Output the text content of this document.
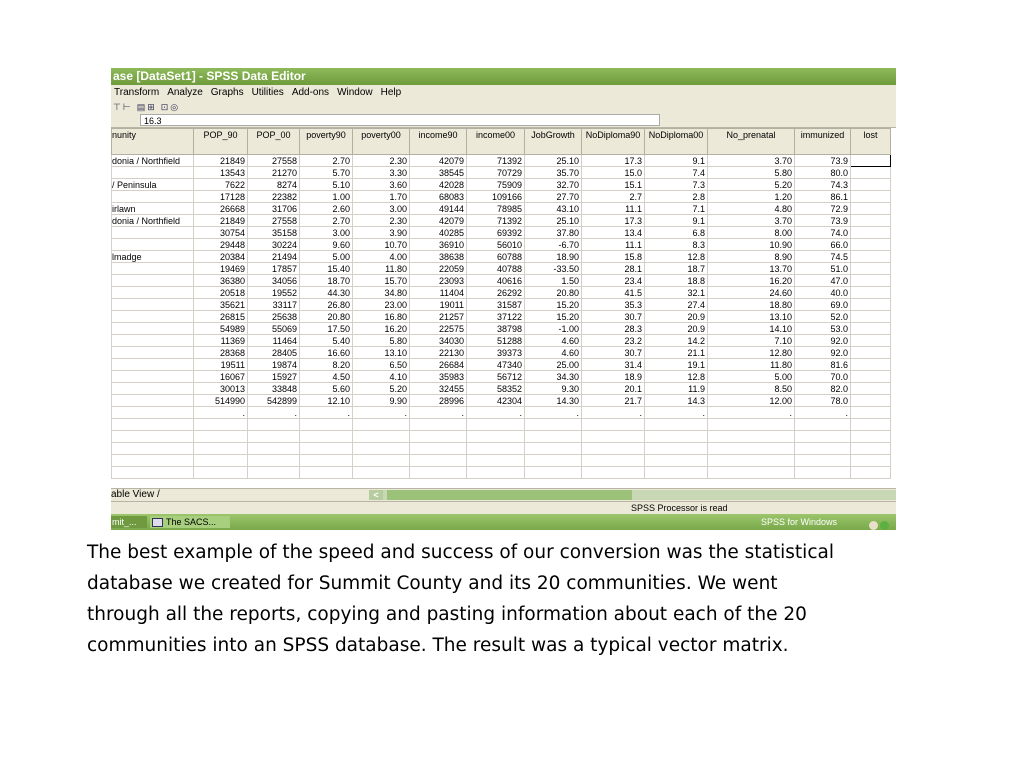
ase [DataSet1] - SPSS Data Editor
Transform Analyze Graphs Utilities Add-ons Window Help
⊤ ⊢ ▤ ⊞ ⊡ ◎
16.3
nunity	POP_90	POP_00	poverty90	poverty00	income90	income00	JobGrowth	NoDiploma90	NoDiploma00	No_prenatal	immunized	lost
donia / Northfield	21849	27558	2.70	2.30	42079	71392	25.10	17.3	9.1	3.70	73.9	
	13543	21270	5.70	3.30	38545	70729	35.70	15.0	7.4	5.80	80.0	
/ Peninsula	7622	8274	5.10	3.60	42028	75909	32.70	15.1	7.3	5.20	74.3	
	17128	22382	1.00	1.70	68083	109166	27.70	2.7	2.8	1.20	86.1	
irlawn	26668	31706	2.60	3.00	49144	78985	43.10	11.1	7.1	4.80	72.9	
donia / Northfield	21849	27558	2.70	2.30	42079	71392	25.10	17.3	9.1	3.70	73.9	
	30754	35158	3.00	3.90	40285	69392	37.80	13.4	6.8	8.00	74.0	
	29448	30224	9.60	10.70	36910	56010	-6.70	11.1	8.3	10.90	66.0	
lmadge	20384	21494	5.00	4.00	38638	60788	18.90	15.8	12.8	8.90	74.5	
	19469	17857	15.40	11.80	22059	40788	-33.50	28.1	18.7	13.70	51.0	
	36380	34056	18.70	15.70	23093	40616	1.50	23.4	18.8	16.20	47.0	
	20518	19552	44.30	34.80	11404	26292	20.80	41.5	32.1	24.60	40.0	
	35621	33117	26.80	23.00	19011	31587	15.20	35.3	27.4	18.80	69.0	
	26815	25638	20.80	16.80	21257	37122	15.20	30.7	20.9	13.10	52.0	
	54989	55069	17.50	16.20	22575	38798	-1.00	28.3	20.9	14.10	53.0	
	11369	11464	5.40	5.80	34030	51288	4.60	23.2	14.2	7.10	92.0	
	28368	28405	16.60	13.10	22130	39373	4.60	30.7	21.1	12.80	92.0	
	19511	19874	8.20	6.50	26684	47340	25.00	31.4	19.1	11.80	81.6	
	16067	15927	4.50	4.10	35983	56712	34.30	18.9	12.8	5.00	70.0	
	30013	33848	5.60	5.20	32455	58352	9.30	20.1	11.9	8.50	82.0	
	514990	542899	12.10	9.90	28996	42304	14.30	21.7	14.3	12.00	78.0	
	.	.	.	.	.	.	.	.	.	.	.	

able View /	<
SPSS Processor is read
mit_...	The SACS...	SPSS for Windows
The best example of the speed and success of our conversion was the statistical
database we created for Summit County and its 20 communities. We went
through all the reports, copying and pasting information about each of the 20
communities into an SPSS database. The result was a typical vector matrix.
